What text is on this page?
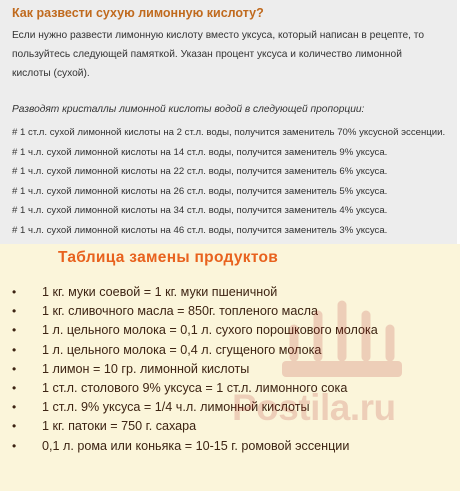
Как развести сухую лимонную кислоту?

Если нужно развести лимонную кислоту вместо уксуса, который написан в рецепте, то пользуйтесь следующей памяткой. Указан процент уксуса и количество лимонной кислоты (сухой).

Разводят кристаллы лимонной кислоты водой в следующей пропорции:

# 1 ст.л. сухой лимонной кислоты на 2 ст.л. воды, получится заменитель 70% уксусной эссенции.
# 1 ч.л. сухой лимонной кислоты на 14 ст.л. воды, получится заменитель 9% уксуса.
# 1 ч.л. сухой лимонной кислоты на 22 ст.л. воды, получится заменитель 6% уксуса.
# 1 ч.л. сухой лимонной кислоты на 26 ст.л. воды, получится заменитель 5% уксуса.
# 1 ч.л. сухой лимонной кислоты на 34 ст.л. воды, получится заменитель 4% уксуса.
# 1 ч.л. сухой лимонной кислоты на 46 ст.л. воды, получится заменитель 3% уксуса.
Таблица замены продуктов
• 1 кг. муки соевой = 1 кг. муки пшеничной
• 1 кг. сливочного масла = 850г. топленого масла
• 1 л. цельного молока = 0,1 л. сухого порошкового молока
• 1 л. цельного молока = 0,4 л. сгущеного молока
• 1 лимон = 10 гр. лимонной кислоты
• 1 ст.л. столового 9% уксуса = 1 ст.л. лимонного сока
• 1 ст.л. 9% уксуса = 1/4 ч.л. лимонной кислоты
• 1 кг. патоки = 750 г. сахара
• 0,1 л. рома или коньяка = 10-15 г. ромовой эссенции
